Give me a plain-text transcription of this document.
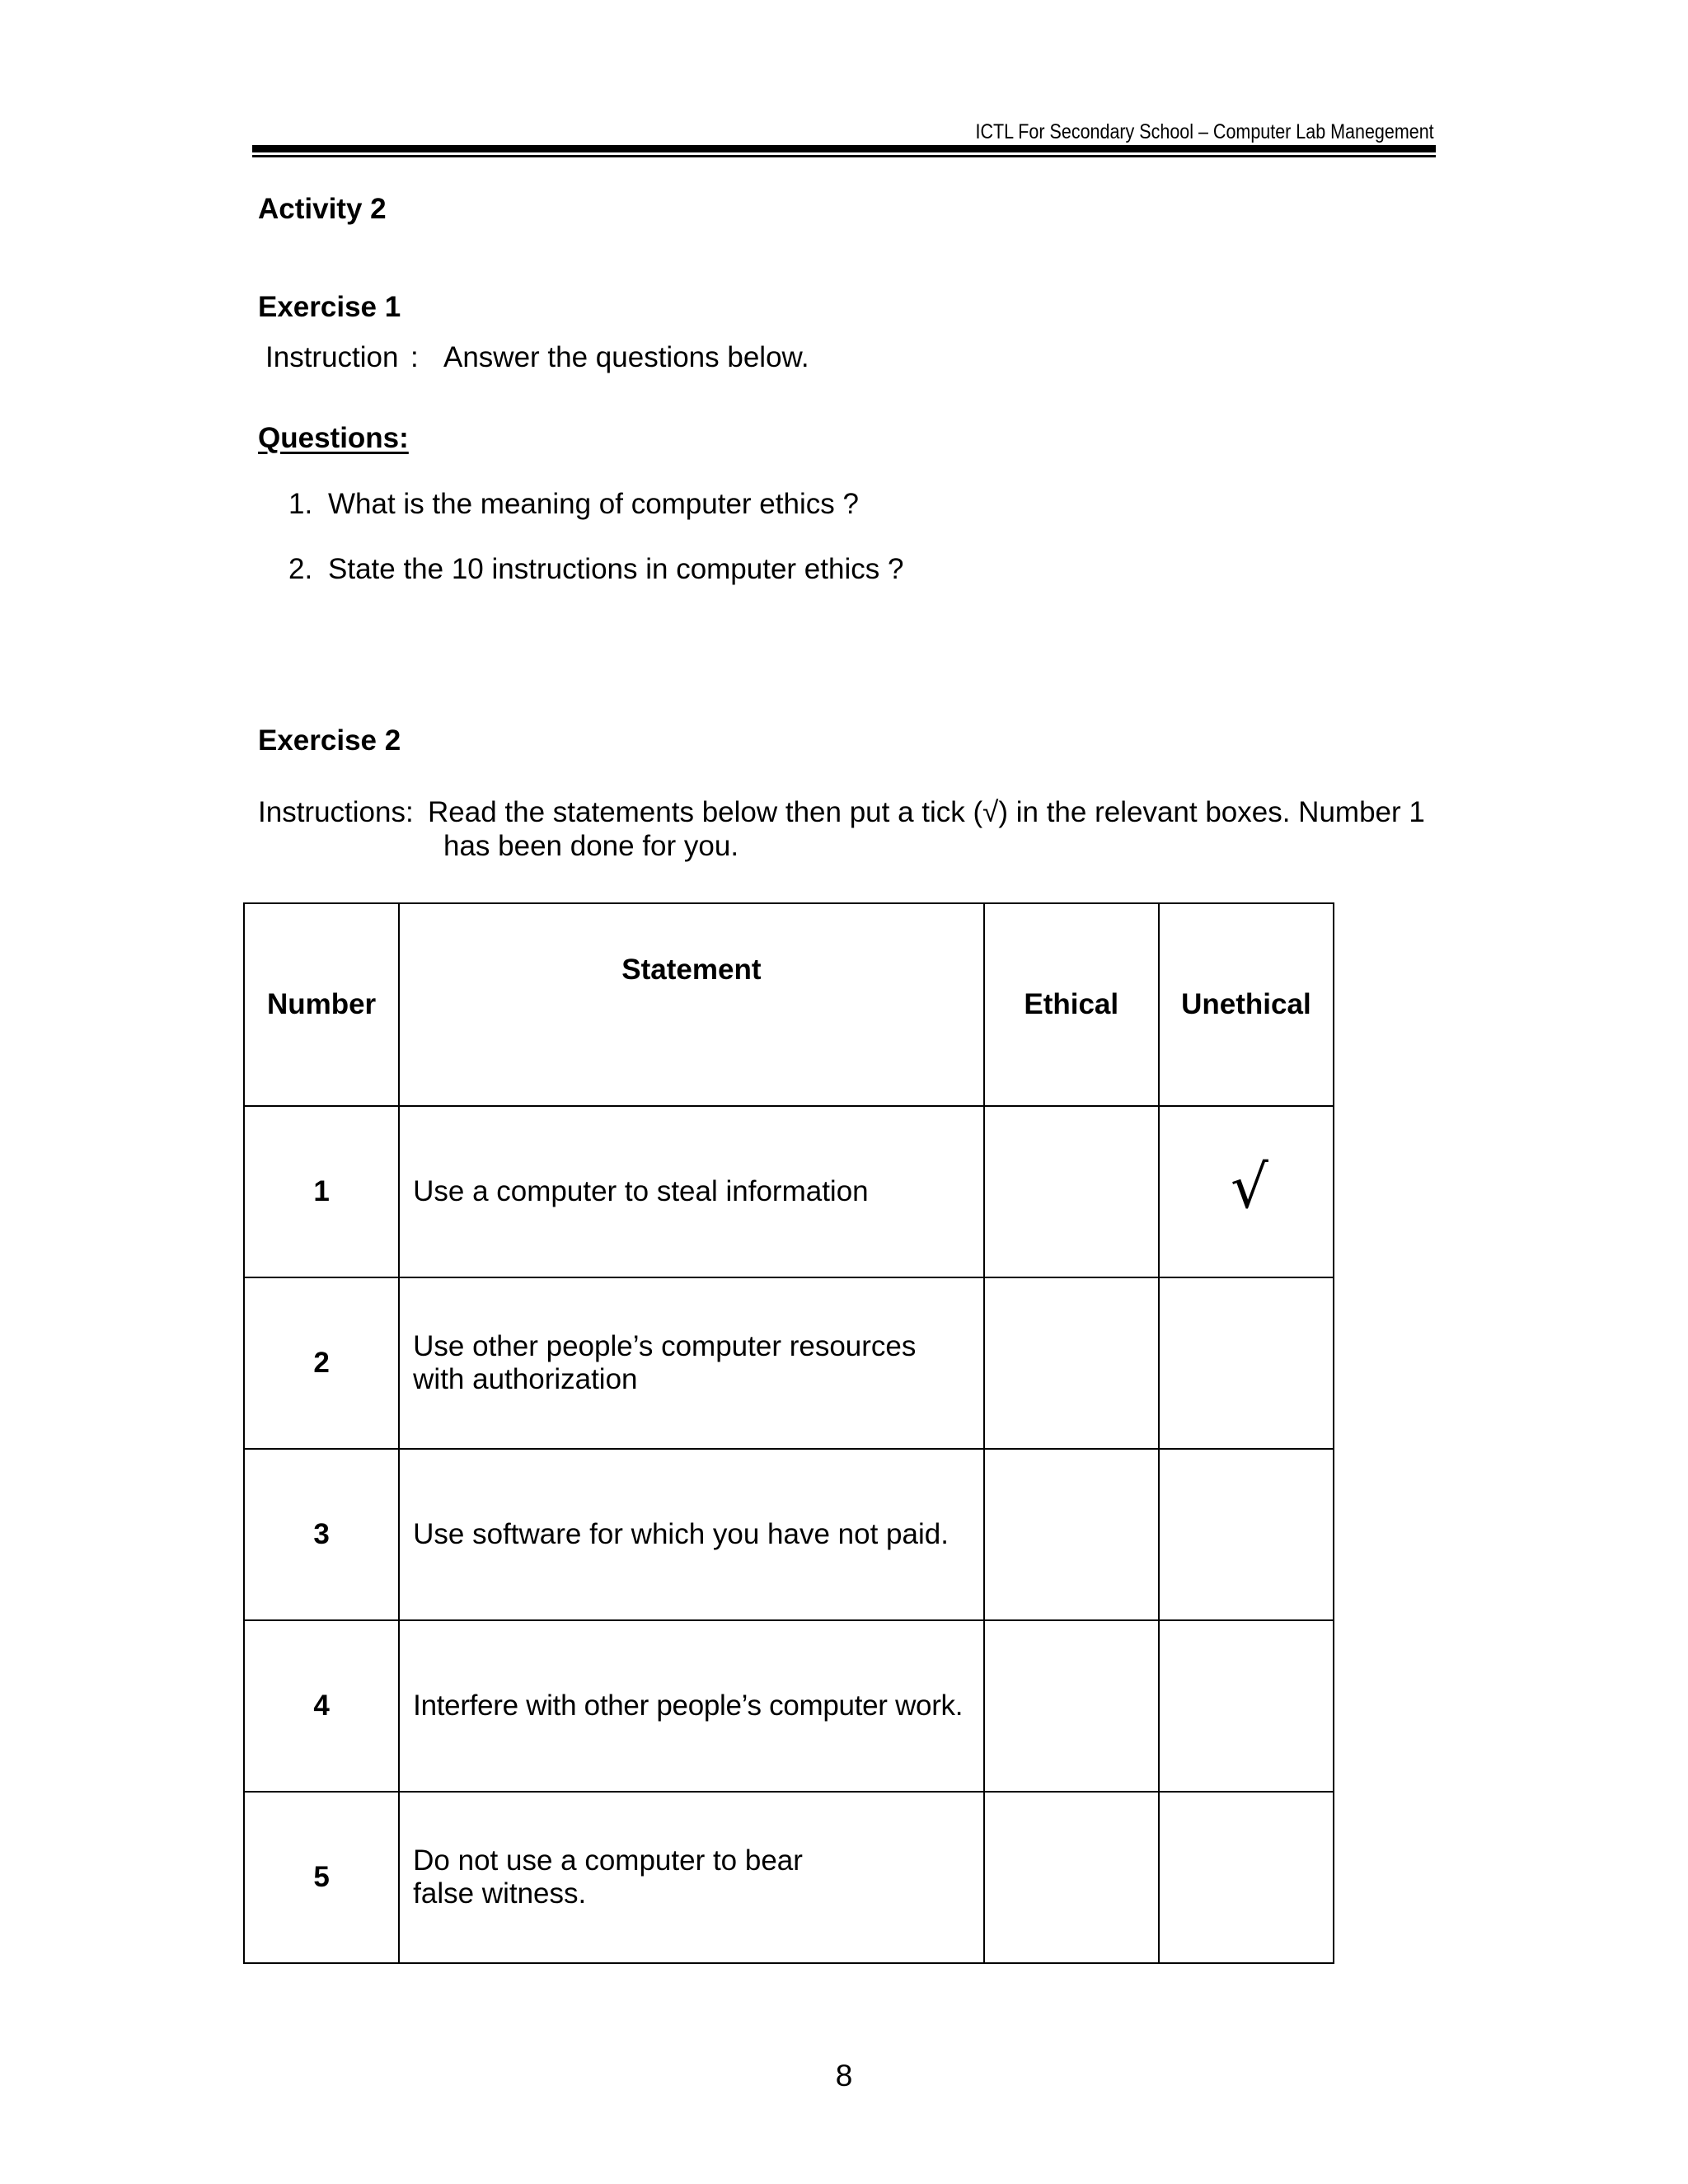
ICTL For Secondary School – Computer Lab Manegement
Activity 2
Exercise 1
Instruction : Answer the questions below.
Questions:
1. What is the meaning of computer ethics ?
2. State the 10 instructions in computer ethics ?
Exercise 2
Instructions: Read the statements below then put a tick (√) in the relevant boxes. Number 1
has been done for you.
Number	Statement	Ethical	Unethical
1	Use a computer to steal information		√
2	Use other people’s computer resources with authorization		
3	Use software for which you have not paid.		
4	Interfere with other people’s computer work.		
5	Do not use a computer to bear false witness.		
8
